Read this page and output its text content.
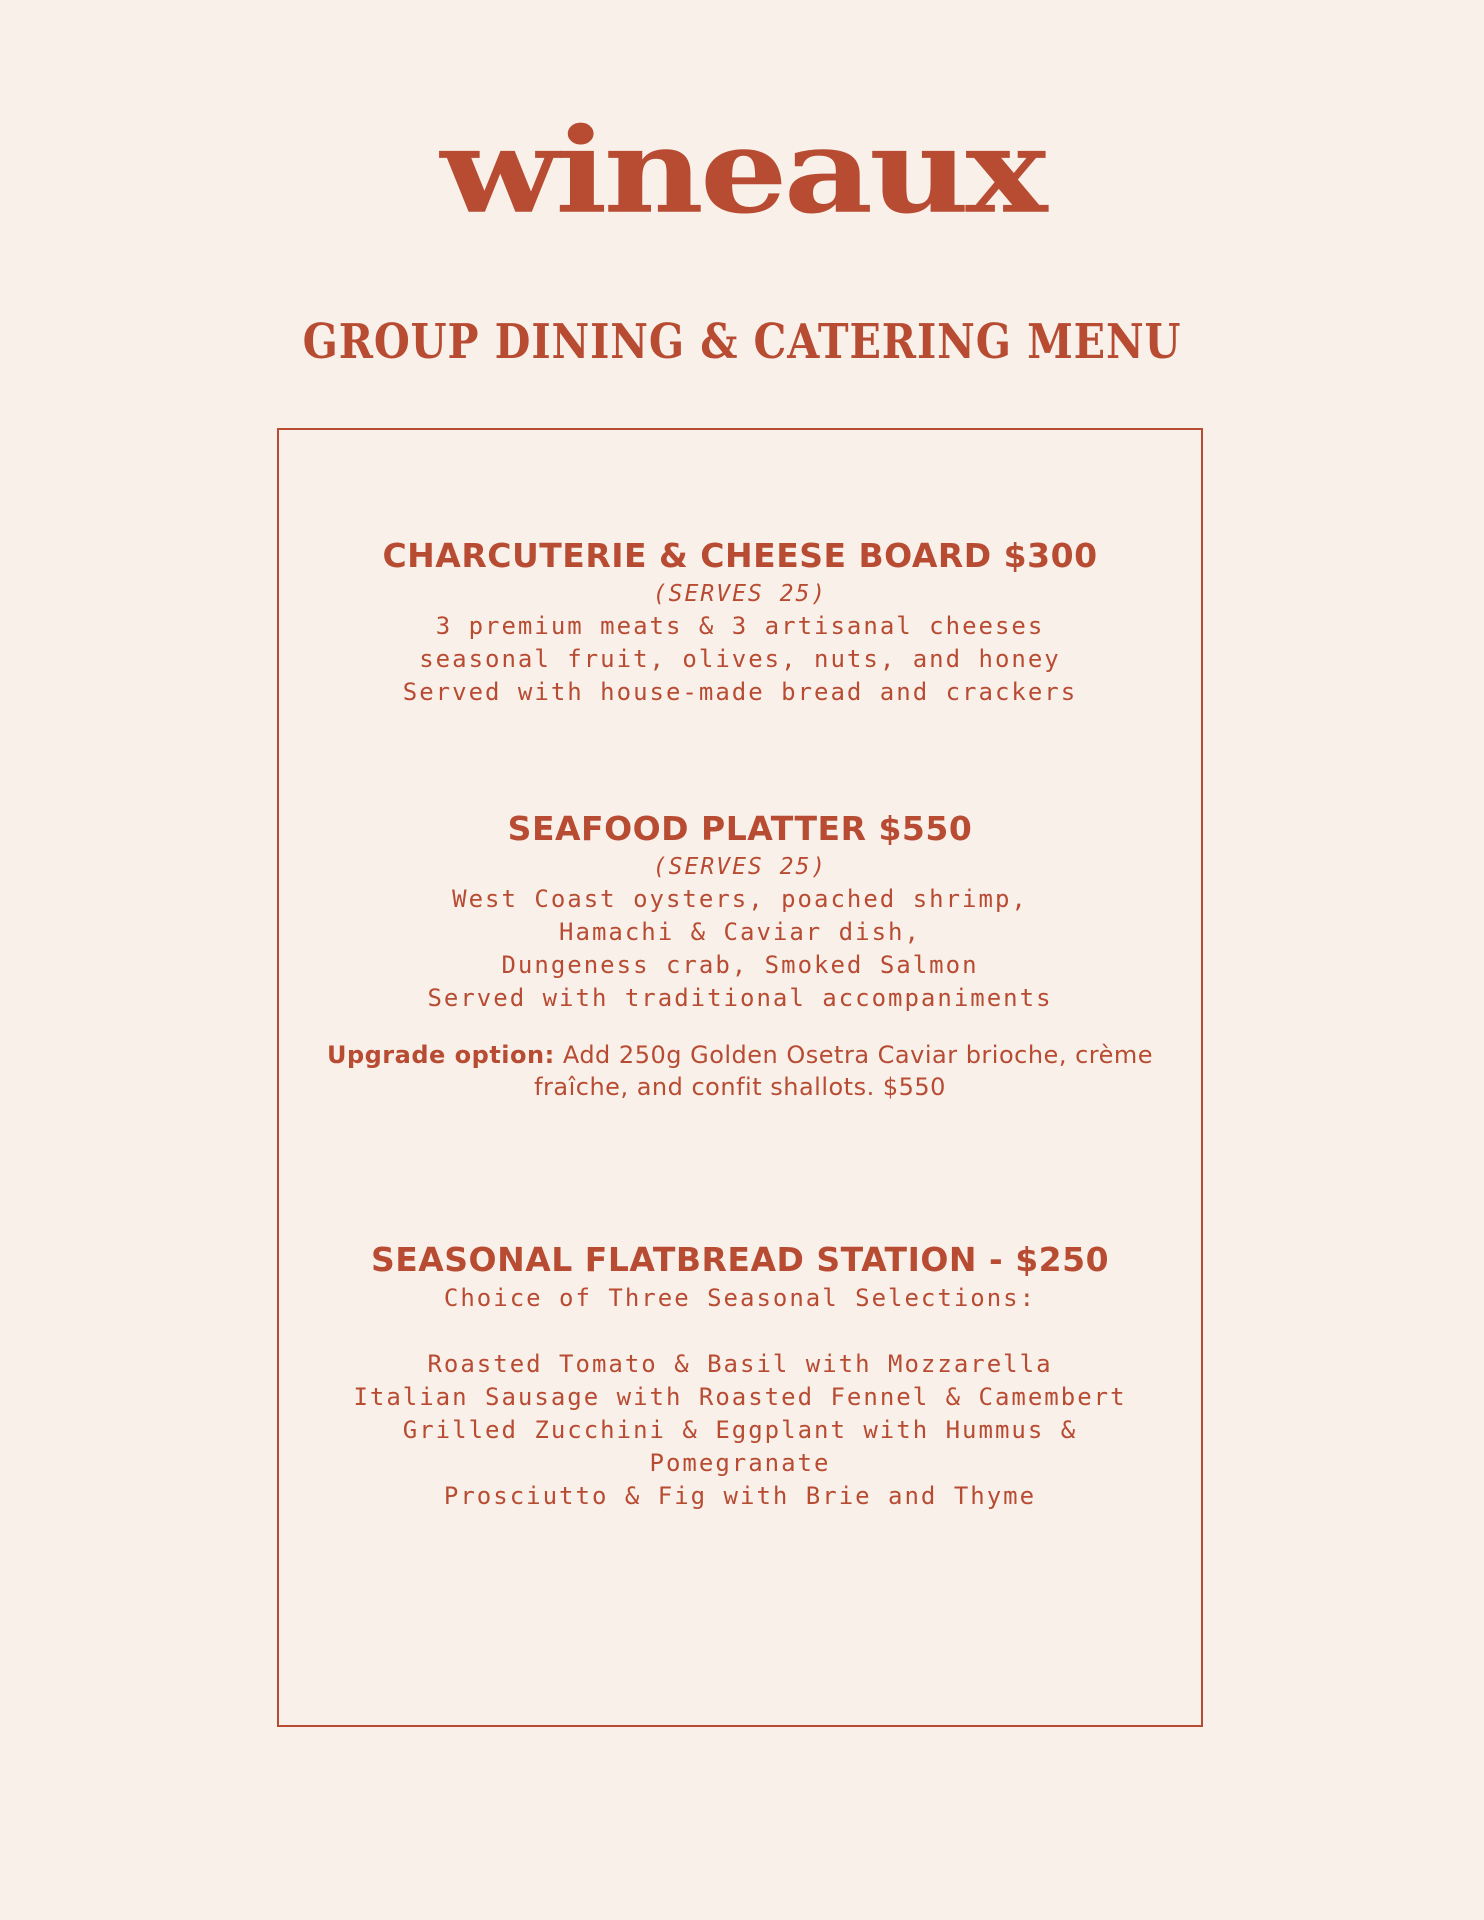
wineaux
GROUP DINING & CATERING MENU
CHARCUTERIE & CHEESE BOARD $300
(SERVES 25)
3 premium meats & 3 artisanal cheeses
seasonal fruit, olives, nuts, and honey
Served with house-made bread and crackers
SEAFOOD PLATTER $550
(SERVES 25)
West Coast oysters, poached shrimp,
Hamachi & Caviar dish,
Dungeness crab, Smoked Salmon
Served with traditional accompaniments
Upgrade option: Add 250g Golden Osetra Caviar brioche, crème fraîche, and confit shallots. $550
SEASONAL FLATBREAD STATION - $250
Choice of Three Seasonal Selections:
Roasted Tomato & Basil with Mozzarella
Italian Sausage with Roasted Fennel & Camembert
Grilled Zucchini & Eggplant with Hummus &
Pomegranate
Prosciutto & Fig with Brie and Thyme
